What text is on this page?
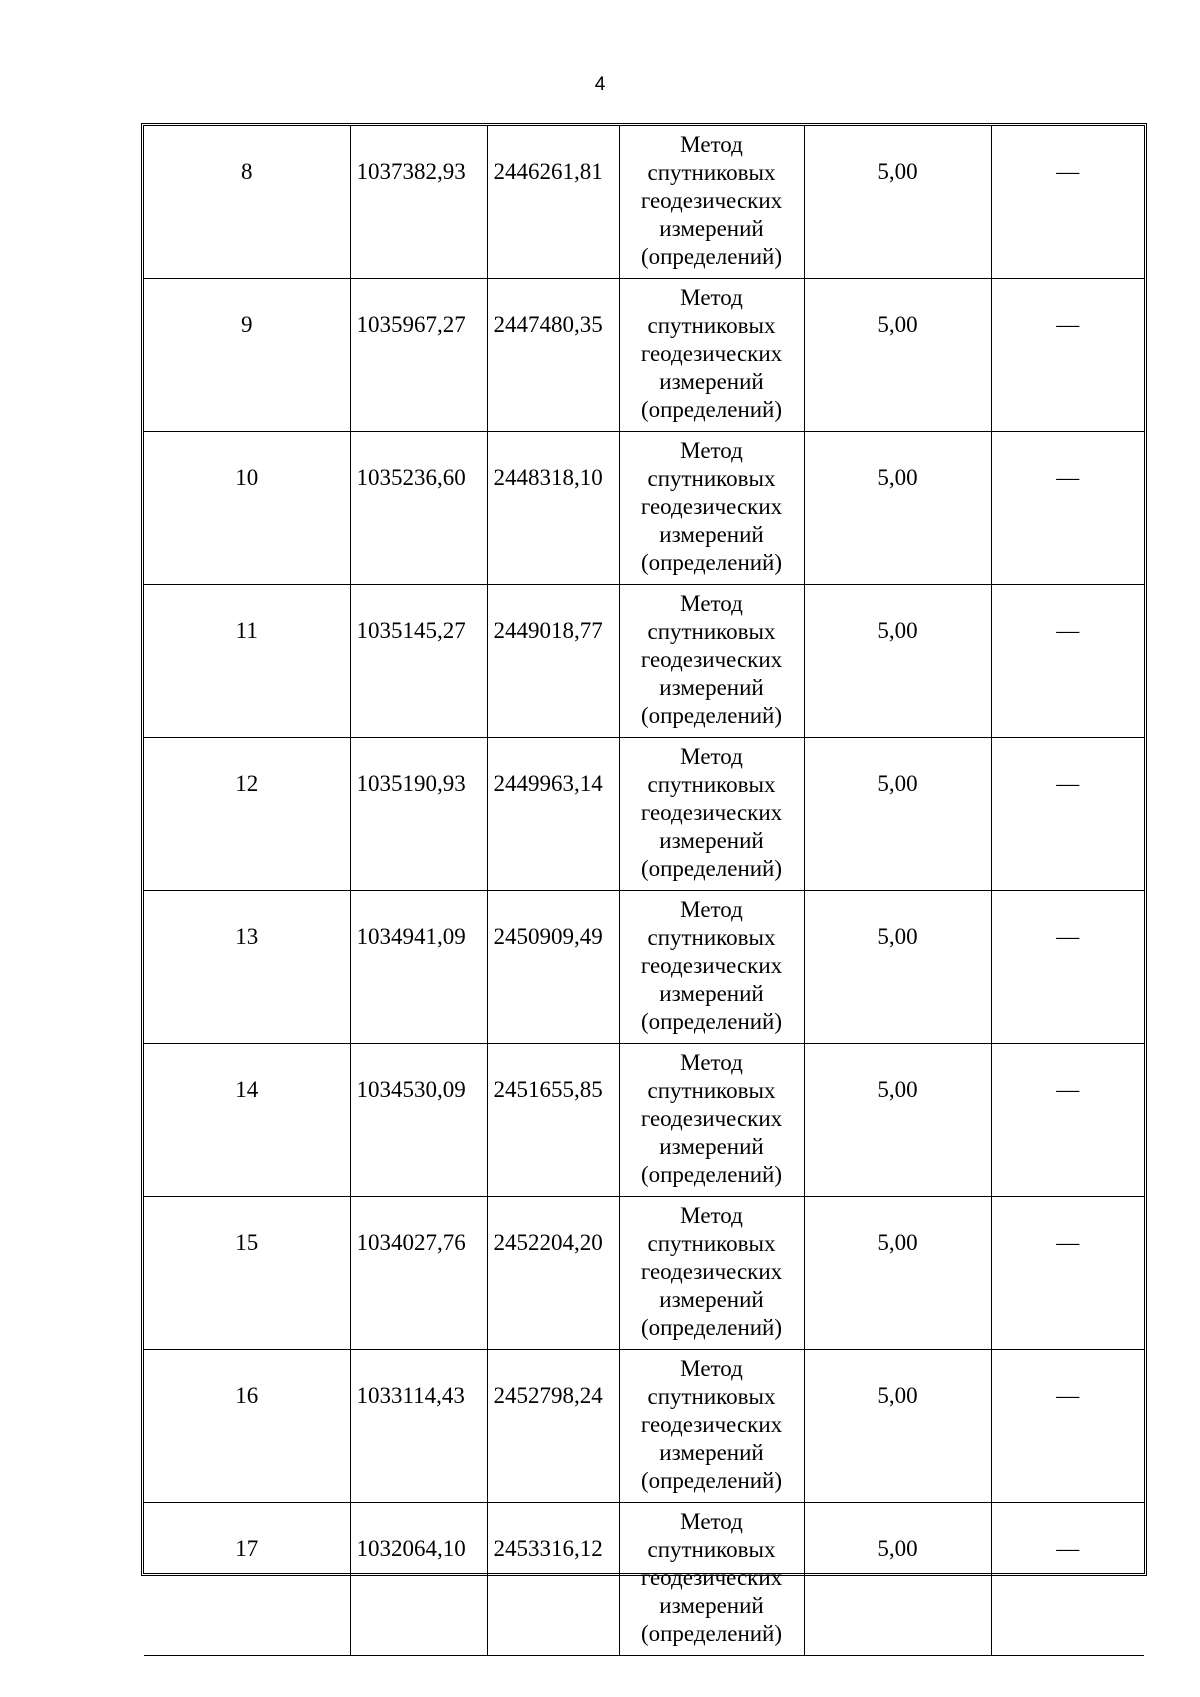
4
8	1037382,93	2446261,81	Метод
спутниковых
геодезических
измерений
(определений)	5,00	—
9	1035967,27	2447480,35	Метод
спутниковых
геодезических
измерений
(определений)	5,00	—
10	1035236,60	2448318,10	Метод
спутниковых
геодезических
измерений
(определений)	5,00	—
11	1035145,27	2449018,77	Метод
спутниковых
геодезических
измерений
(определений)	5,00	—
12	1035190,93	2449963,14	Метод
спутниковых
геодезических
измерений
(определений)	5,00	—
13	1034941,09	2450909,49	Метод
спутниковых
геодезических
измерений
(определений)	5,00	—
14	1034530,09	2451655,85	Метод
спутниковых
геодезических
измерений
(определений)	5,00	—
15	1034027,76	2452204,20	Метод
спутниковых
геодезических
измерений
(определений)	5,00	—
16	1033114,43	2452798,24	Метод
спутниковых
геодезических
измерений
(определений)	5,00	—
17	1032064,10	2453316,12	Метод
спутниковых
геодезических
измерений
(определений)	5,00	—
